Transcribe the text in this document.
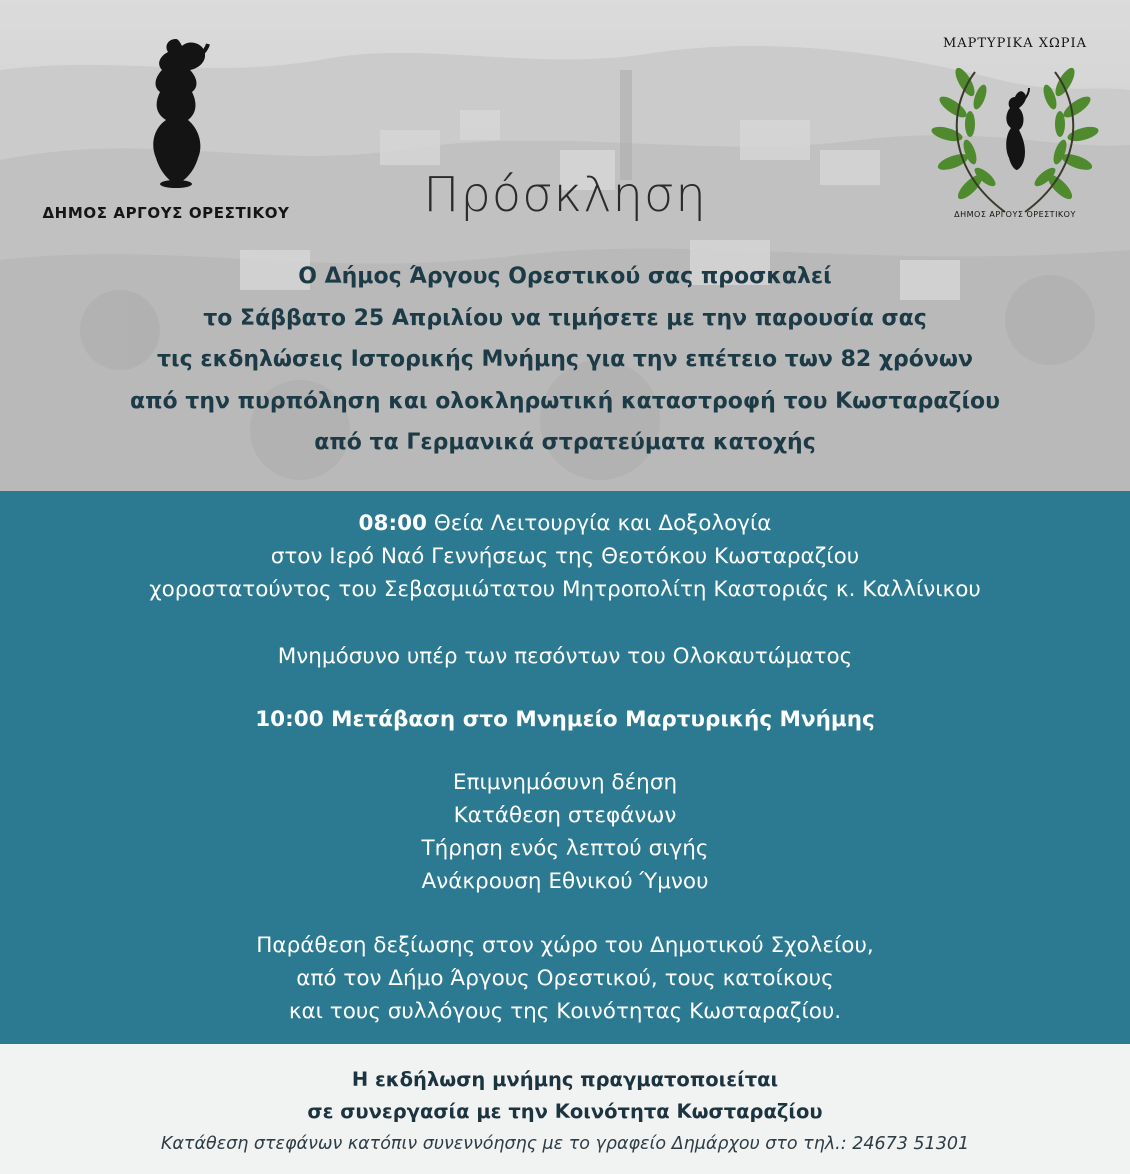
ΔΗΜΟΣ ΑΡΓΟΥΣ ΟΡΕΣΤΙΚΟΥ
ΜΑΡΤΥΡΙΚΑ ΧΩΡΙΑ
ΔΗΜΟΣ ΑΡΓΟΥΣ ΟΡΕΣΤΙΚΟΥ
Πρόσκληση
Ο Δήμος Άργους Ορεστικού σας προσκαλεί
το Σάββατο 25 Απριλίου να τιμήσετε με την παρουσία σας
τις εκδηλώσεις Ιστορικής Μνήμης για την επέτειο των 82 χρόνων
από την πυρπόληση και ολοκληρωτική καταστροφή του Κωσταραζίου
από τα Γερμανικά στρατεύματα κατοχής
08:00 Θεία Λειτουργία και Δοξολογία
στον Ιερό Ναό Γεννήσεως της Θεοτόκου Κωσταραζίου
χοροστατούντος του Σεβασμιώτατου Μητροπολίτη Καστοριάς κ. Καλλίνικου
Μνημόσυνο υπέρ των πεσόντων του Ολοκαυτώματος
10:00 Μετάβαση στο Μνημείο Μαρτυρικής Μνήμης
Επιμνημόσυνη δέηση
Κατάθεση στεφάνων
Τήρηση ενός λεπτού σιγής
Ανάκρουση Εθνικού Ύμνου
Παράθεση δεξίωσης στον χώρο του Δημοτικού Σχολείου,
από τον Δήμο Άργους Ορεστικού, τους κατοίκους
και τους συλλόγους της Κοινότητας Κωσταραζίου.
Η εκδήλωση μνήμης πραγματοποιείται
σε συνεργασία με την Κοινότητα Κωσταραζίου
Κατάθεση στεφάνων κατόπιν συνεννόησης με το γραφείο Δημάρχου στο τηλ.: 24673 51301
